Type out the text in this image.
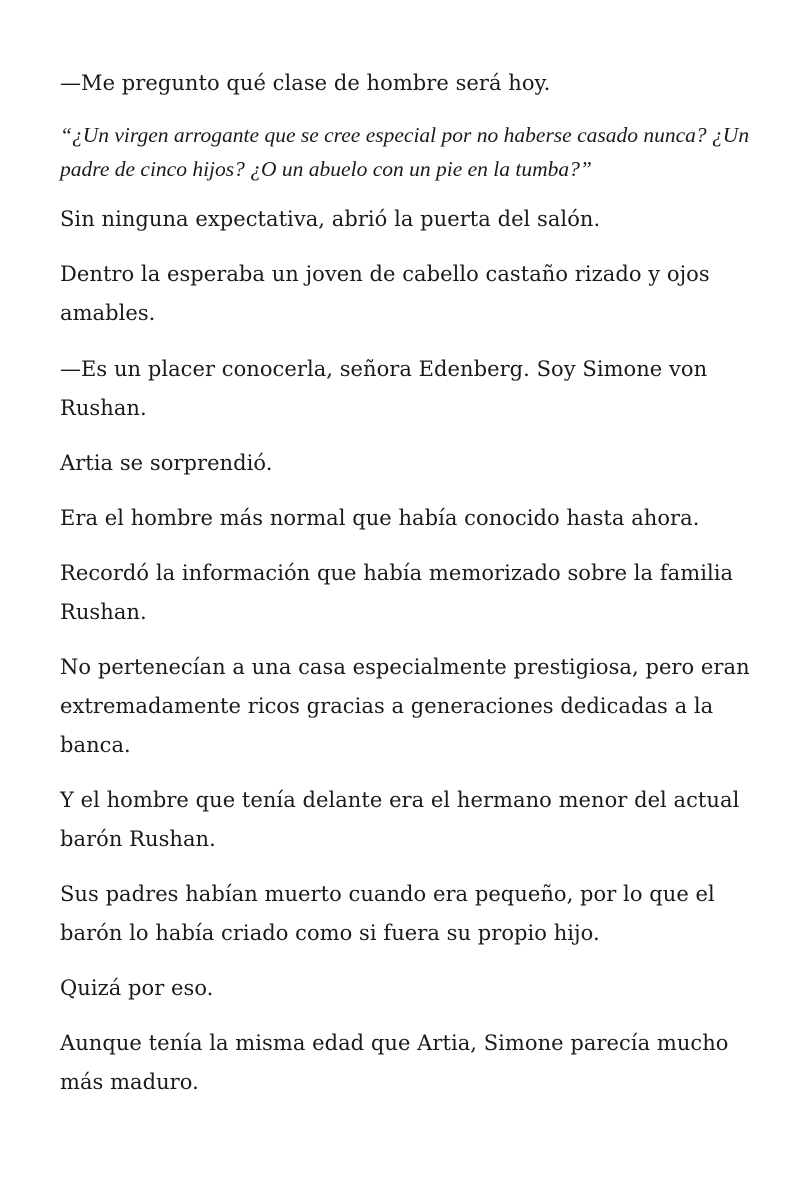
—Me pregunto qué clase de hombre será hoy.

“¿Un virgen arrogante que se cree especial por no haberse casado nunca? ¿Un padre de cinco hijos? ¿O un abuelo con un pie en la tumba?”

Sin ninguna expectativa, abrió la puerta del salón.

Dentro la esperaba un joven de cabello castaño rizado y ojos amables.

—Es un placer conocerla, señora Edenberg. Soy Simone von Rushan.

Artia se sorprendió.

Era el hombre más normal que había conocido hasta ahora.

Recordó la información que había memorizado sobre la familia Rushan.

No pertenecían a una casa especialmente prestigiosa, pero eran extremadamente ricos gracias a generaciones dedicadas a la banca.

Y el hombre que tenía delante era el hermano menor del actual barón Rushan.

Sus padres habían muerto cuando era pequeño, por lo que el barón lo había criado como si fuera su propio hijo.

Quizá por eso.

Aunque tenía la misma edad que Artia, Simone parecía mucho más maduro.
